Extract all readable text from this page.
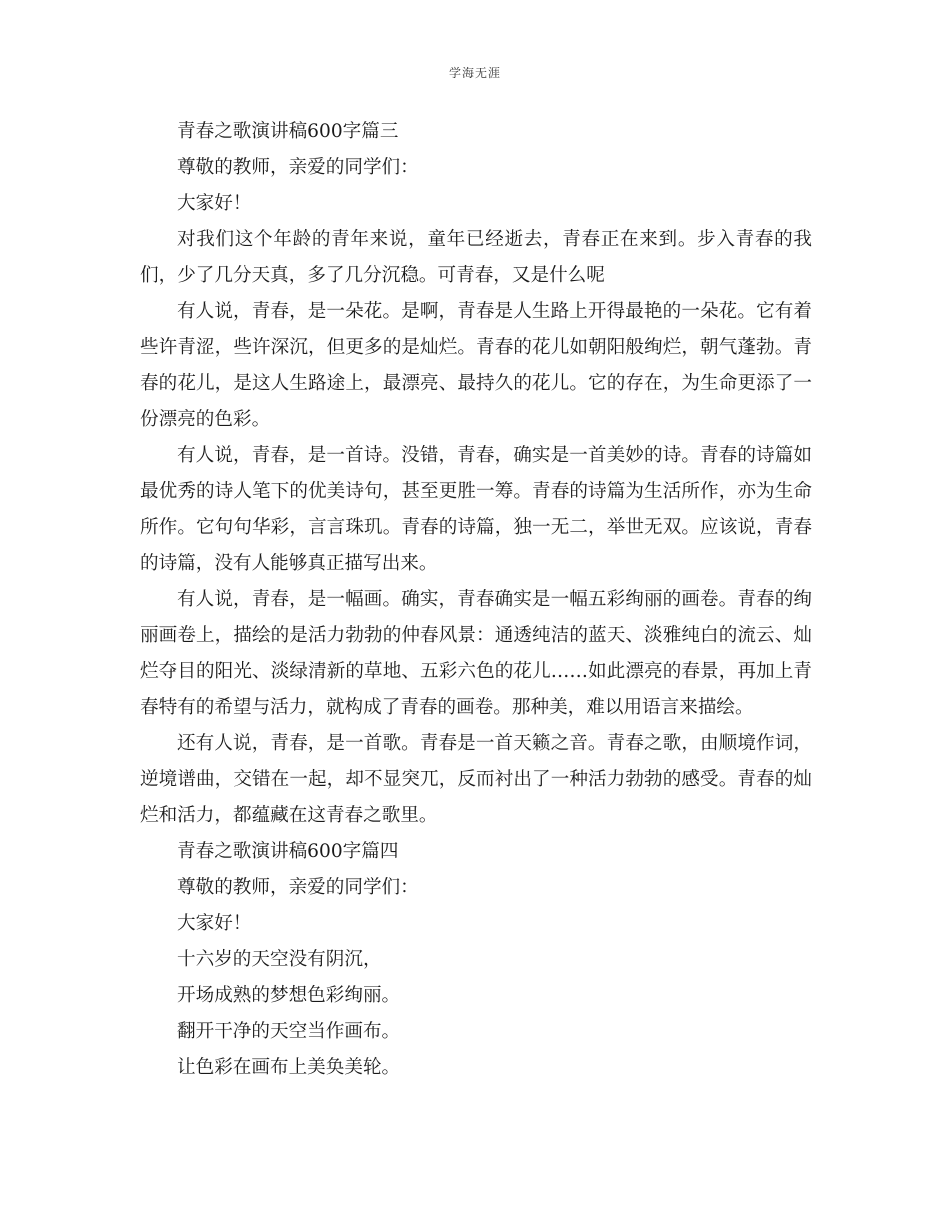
学海无涯

青春之歌演讲稿600字篇三

尊敬的教师，亲爱的同学们：

大家好！

对我们这个年龄的青年来说，童年已经逝去，青春正在来到。步入青春的我们，少了几分天真，多了几分沉稳。可青春，又是什么呢

有人说，青春，是一朵花。是啊，青春是人生路上开得最艳的一朵花。它有着些许青涩，些许深沉，但更多的是灿烂。青春的花儿如朝阳般绚烂，朝气蓬勃。青春的花儿，是这人生路途上，最漂亮、最持久的花儿。它的存在，为生命更添了一份漂亮的色彩。

有人说，青春，是一首诗。没错，青春，确实是一首美妙的诗。青春的诗篇如最优秀的诗人笔下的优美诗句，甚至更胜一筹。青春的诗篇为生活所作，亦为生命所作。它句句华彩，言言珠玑。青春的诗篇，独一无二，举世无双。应该说，青春的诗篇，没有人能够真正描写出来。

有人说，青春，是一幅画。确实，青春确实是一幅五彩绚丽的画卷。青春的绚丽画卷上，描绘的是活力勃勃的仲春风景：通透纯洁的蓝天、淡雅纯白的流云、灿烂夺目的阳光、淡绿清新的草地、五彩六色的花儿……如此漂亮的春景，再加上青春特有的希望与活力，就构成了青春的画卷。那种美，难以用语言来描绘。

还有人说，青春，是一首歌。青春是一首天籁之音。青春之歌，由顺境作词，逆境谱曲，交错在一起，却不显突兀，反而衬出了一种活力勃勃的感受。青春的灿烂和活力，都蕴藏在这青春之歌里。

青春之歌演讲稿600字篇四

尊敬的教师，亲爱的同学们：

大家好！

十六岁的天空没有阴沉，

开场成熟的梦想色彩绚丽。

翻开干净的天空当作画布。

让色彩在画布上美奂美轮。
